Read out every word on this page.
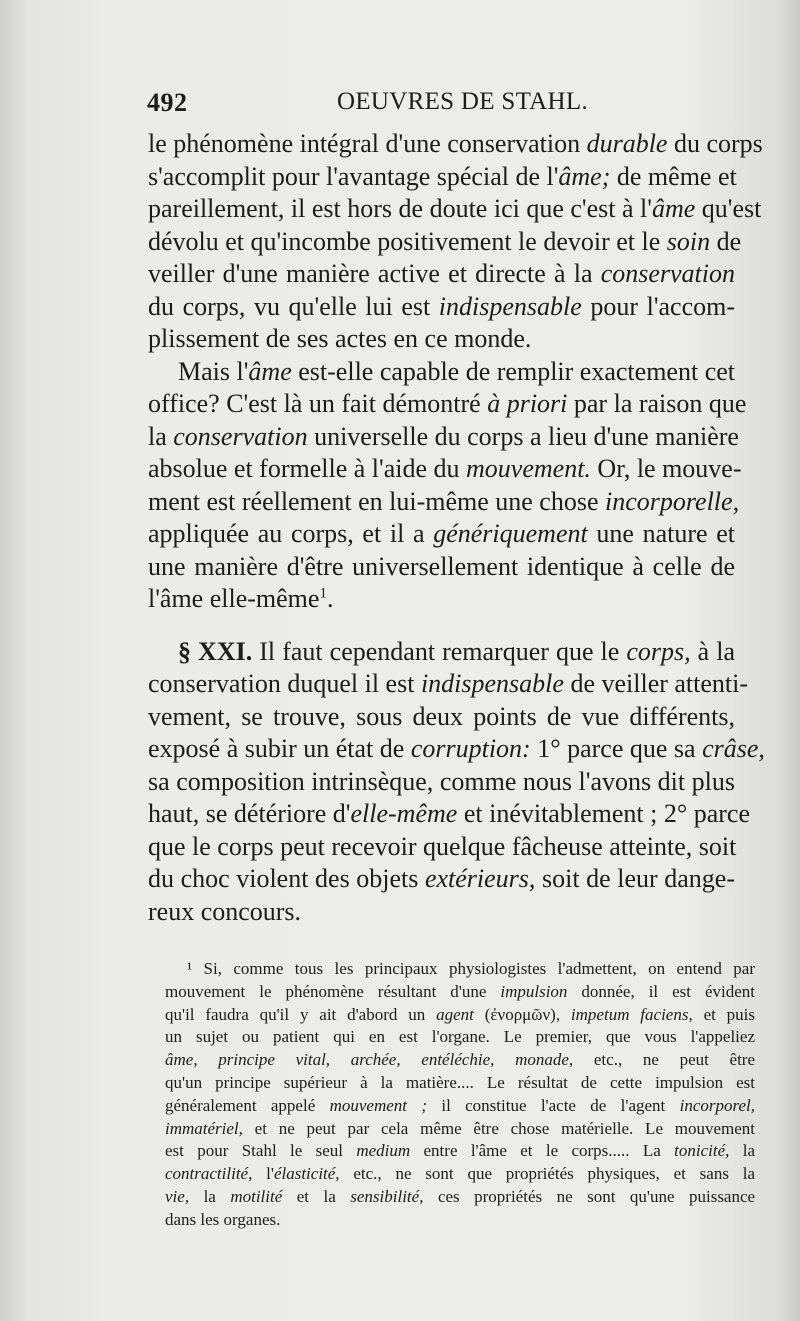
492	OEUVRES DE STAHL.
le phénomène intégral d'une conservation durable du corps
s'accomplit pour l'avantage spécial de l'âme; de même et
pareillement, il est hors de doute ici que c'est à l'âme qu'est
dévolu et qu'incombe positivement le devoir et le soin de
veiller d'une manière active et directe à la conservation
du corps, vu qu'elle lui est indispensable pour l'accom-
plissement de ses actes en ce monde.
Mais l'âme est-elle capable de remplir exactement cet
office? C'est là un fait démontré à priori par la raison que
la conservation universelle du corps a lieu d'une manière
absolue et formelle à l'aide du mouvement. Or, le mouve-
ment est réellement en lui-même une chose incorporelle,
appliquée au corps, et il a génériquement une nature et
une manière d'être universellement identique à celle de
l'âme elle-même$^1$.
§ XXI. Il faut cependant remarquer que le corps, à la
conservation duquel il est indispensable de veiller attenti-
vement, se trouve, sous deux points de vue différents,
exposé à subir un état de corruption: 1° parce que sa crâse,
sa composition intrinsèque, comme nous l'avons dit plus
haut, se détériore d'elle-même et inévitablement ; 2° parce
que le corps peut recevoir quelque fâcheuse atteinte, soit
du choc violent des objets extérieurs, soit de leur dange-
reux concours.
¹ Si, comme tous les principaux physiologistes l'admettent, on entend par
mouvement le phénomène résultant d'une impulsion donnée, il est évident
qu'il faudra qu'il y ait d'abord un agent (ἐνορμῶν), impetum faciens, et puis
un sujet ou patient qui en est l'organe. Le premier, que vous l'appeliez
âme, principe vital, archée, entéléchie, monade, etc., ne peut être
qu'un principe supérieur à la matière.... Le résultat de cette impulsion est
généralement appelé mouvement ; il constitue l'acte de l'agent incorporel,
immatériel, et ne peut par cela même être chose matérielle. Le mouvement
est pour Stahl le seul medium entre l'âme et le corps..... La tonicité, la
contractilité, l'élasticité, etc., ne sont que propriétés physiques, et sans la
vie, la motilité et la sensibilité, ces propriétés ne sont qu'une puissance
dans les organes.
